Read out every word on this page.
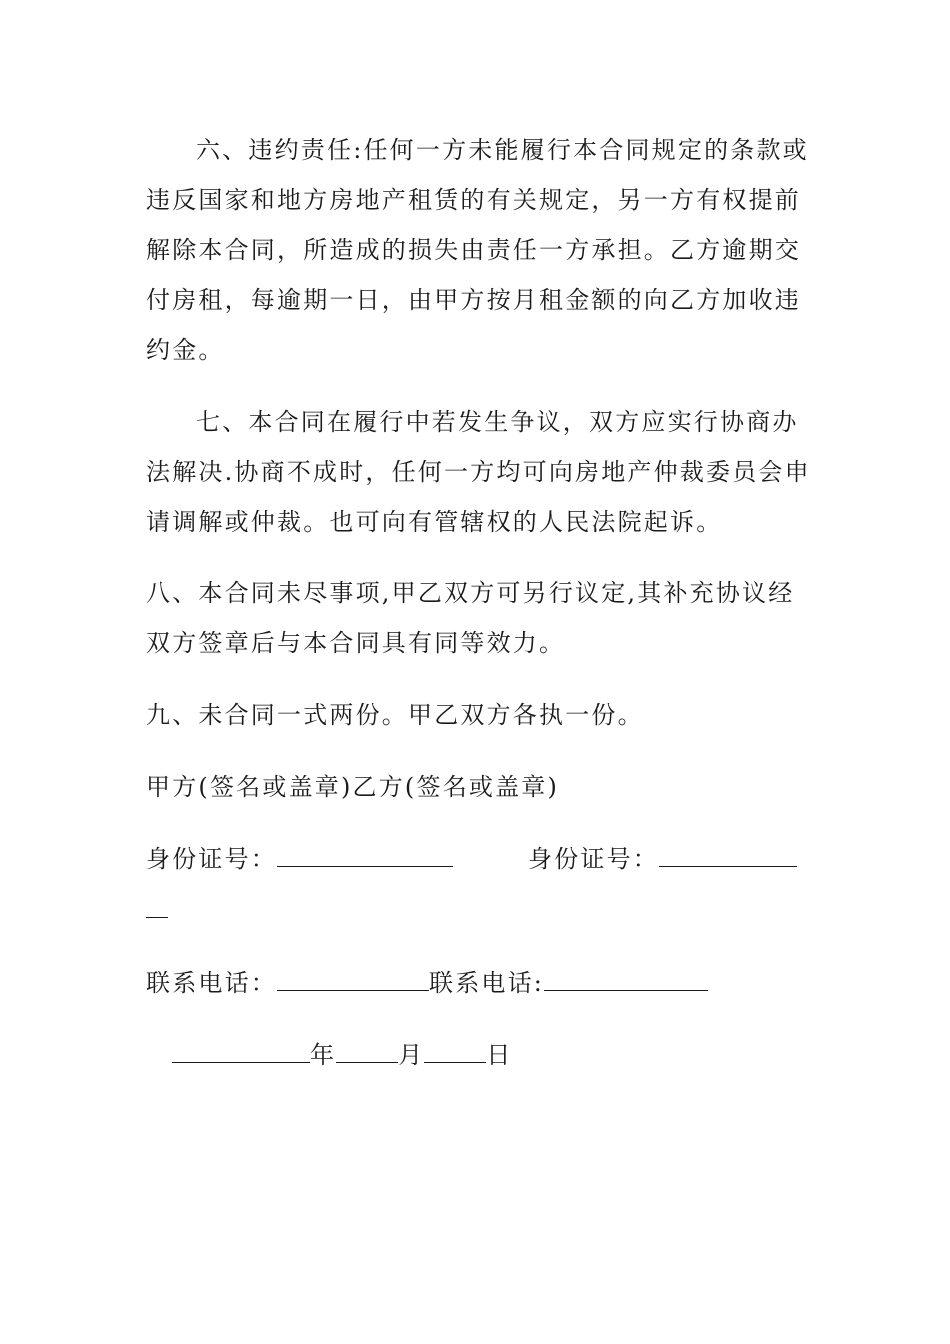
六、违约责任:任何一方未能履行本合同规定的条款或
违反国家和地方房地产租赁的有关规定，另一方有权提前
解除本合同，所造成的损失由责任一方承担。乙方逾期交
付房租，每逾期一日，由甲方按月租金额的向乙方加收违
约金。
七、本合同在履行中若发生争议，双方应实行协商办
法解决.协商不成时，任何一方均可向房地产仲裁委员会申
请调解或仲裁。也可向有管辖权的人民法院起诉。
八、本合同未尽事项,甲乙双方可另行议定,其补充协议经
双方签章后与本合同具有同等效力。
九、未合同一式两份。甲乙双方各执一份。
甲方(签名或盖章)乙方(签名或盖章)
身份证号：	身份证号：
联系电话：	联系电话:
年	月	日
